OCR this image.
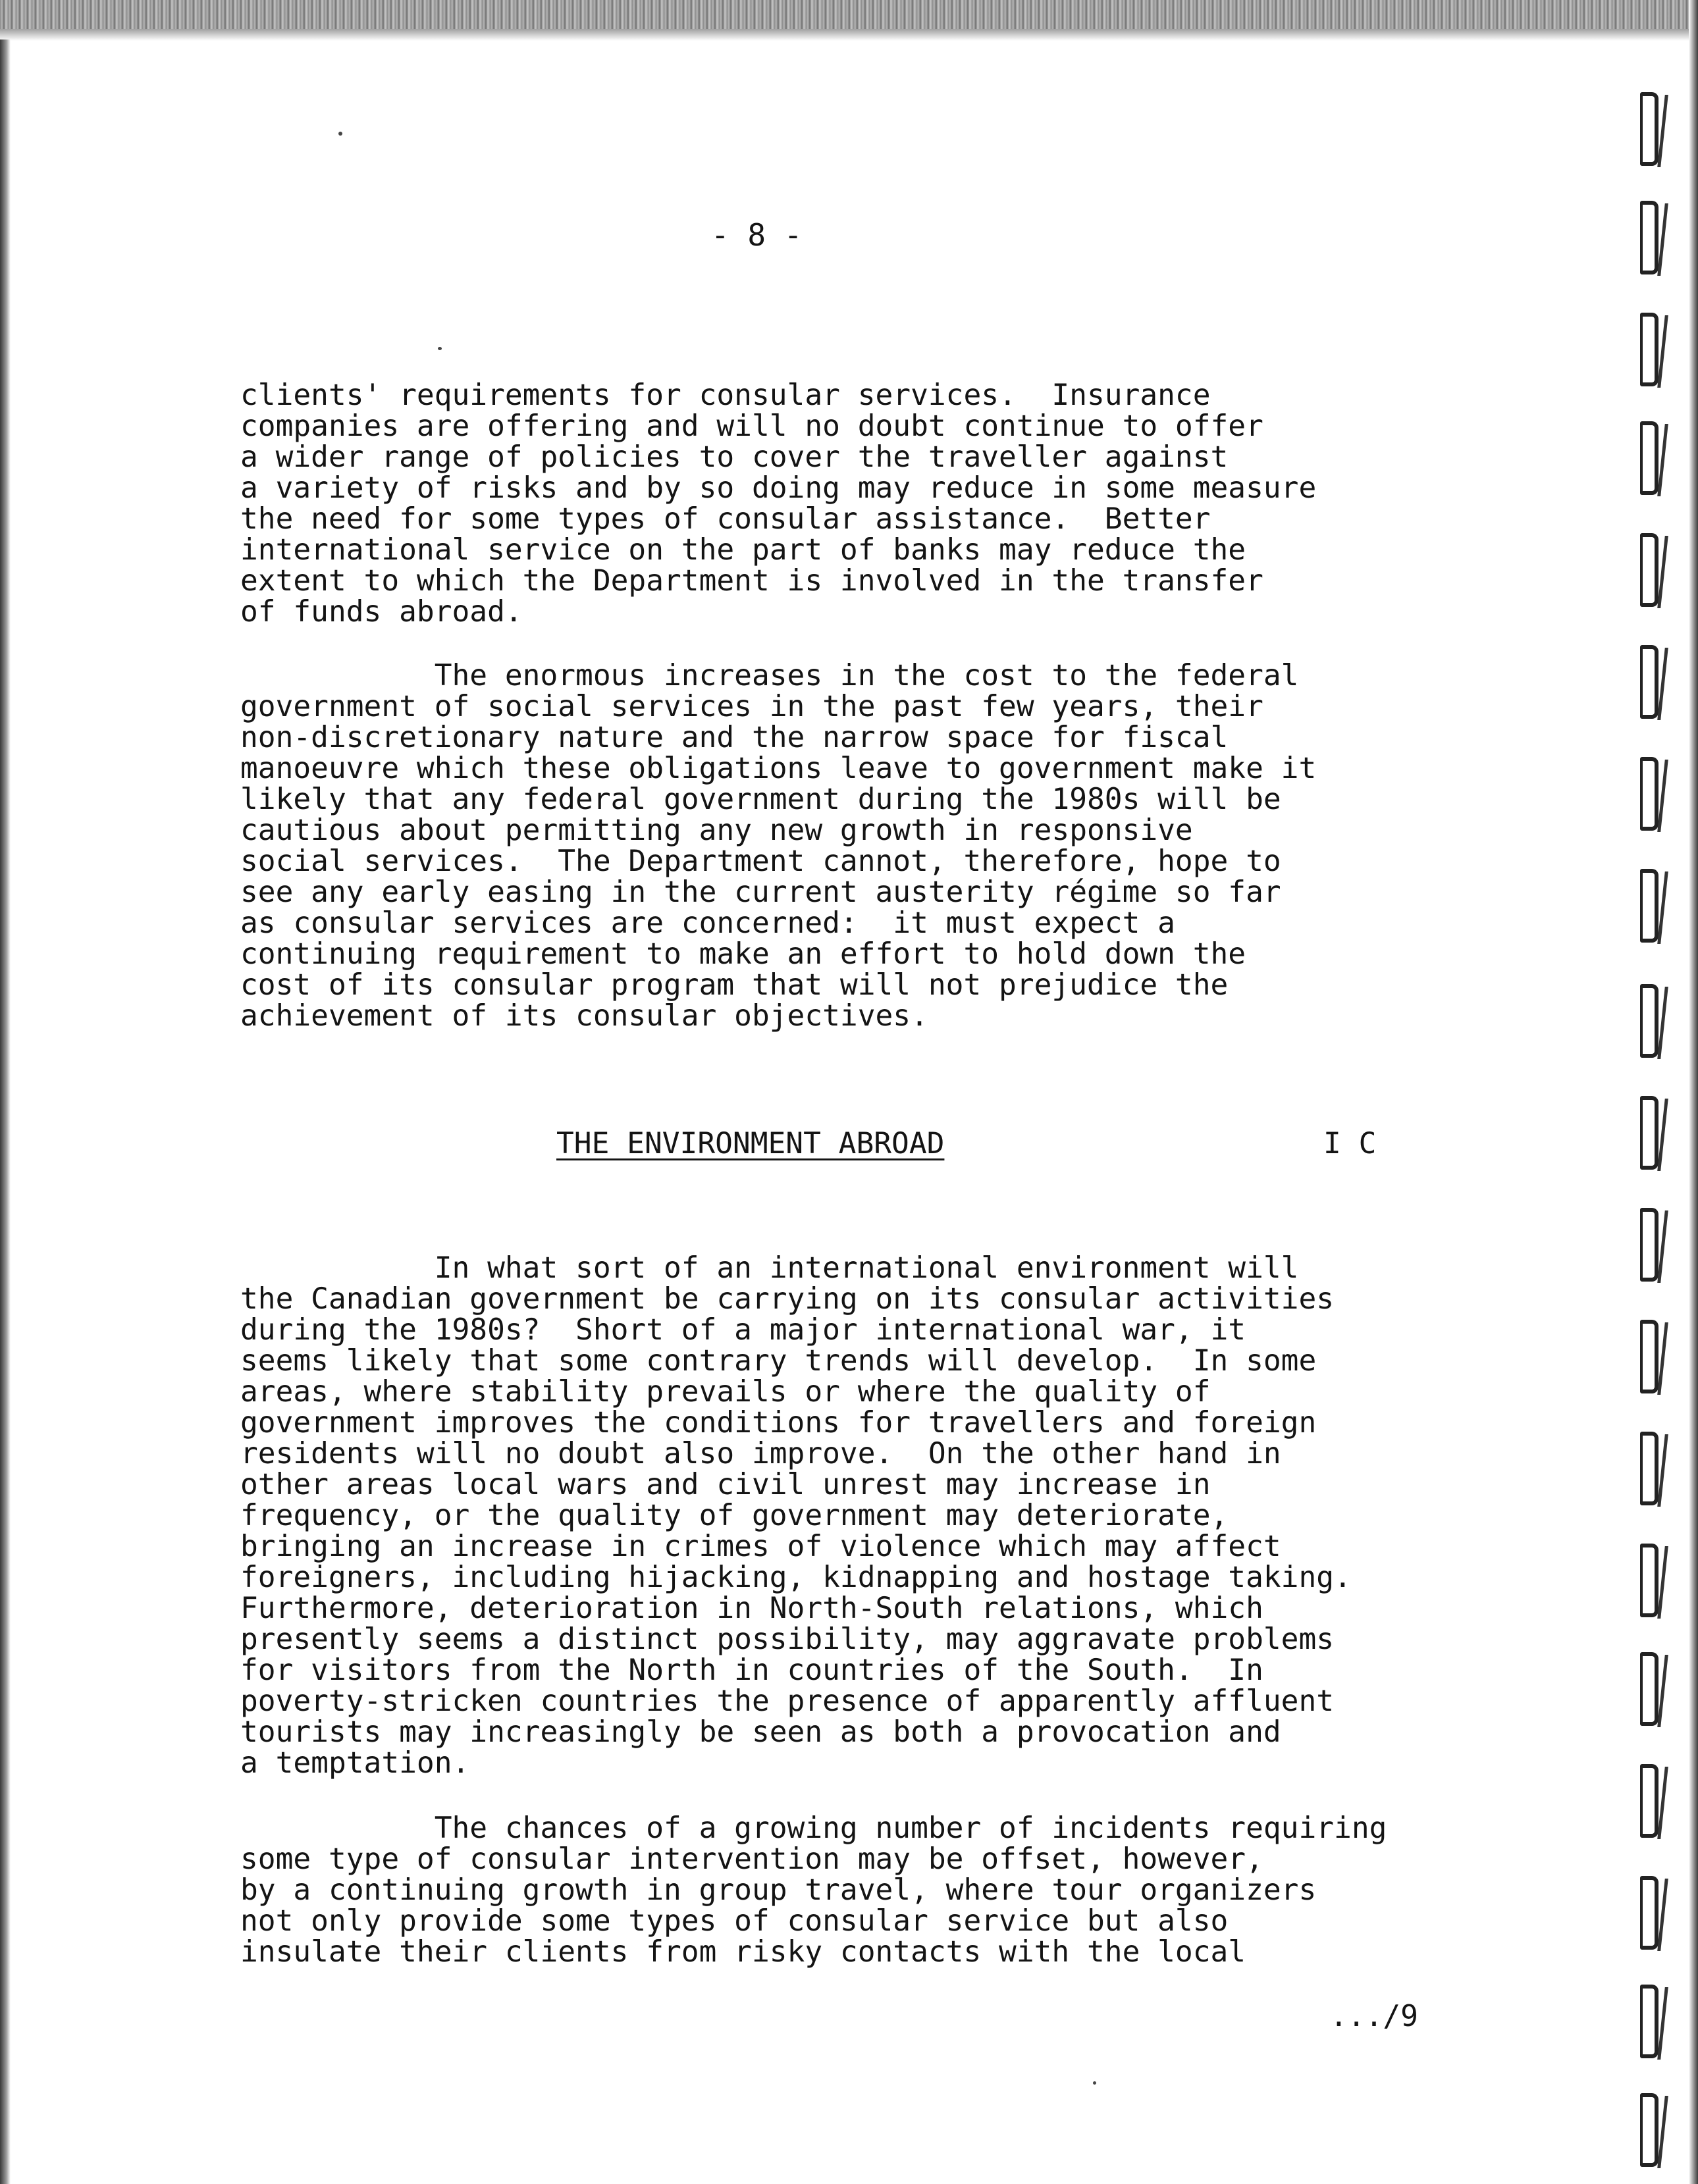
- 8 -

clients' requirements for consular services.  Insurance
companies are offering and will no doubt continue to offer
a wider range of policies to cover the traveller against
a variety of risks and by so doing may reduce in some measure
the need for some types of consular assistance.  Better
international service on the part of banks may reduce the
extent to which the Department is involved in the transfer
of funds abroad.

The enormous increases in the cost to the federal
government of social services in the past few years, their
non-discretionary nature and the narrow space for fiscal
manoeuvre which these obligations leave to government make it
likely that any federal government during the 1980s will be
cautious about permitting any new growth in responsive
social services.  The Department cannot, therefore, hope to
see any early easing in the current austerity régime so far
as consular services are concerned:  it must expect a
continuing requirement to make an effort to hold down the
cost of its consular program that will not prejudice the
achievement of its consular objectives.

THE ENVIRONMENT ABROAD	I C

In what sort of an international environment will
the Canadian government be carrying on its consular activities
during the 1980s?  Short of a major international war, it
seems likely that some contrary trends will develop.  In some
areas, where stability prevails or where the quality of
government improves the conditions for travellers and foreign
residents will no doubt also improve.  On the other hand in
other areas local wars and civil unrest may increase in
frequency, or the quality of government may deteriorate,
bringing an increase in crimes of violence which may affect
foreigners, including hijacking, kidnapping and hostage taking.
Furthermore, deterioration in North-South relations, which
presently seems a distinct possibility, may aggravate problems
for visitors from the North in countries of the South.  In
poverty-stricken countries the presence of apparently affluent
tourists may increasingly be seen as both a provocation and
a temptation.

The chances of a growing number of incidents requiring
some type of consular intervention may be offset, however,
by a continuing growth in group travel, where tour organizers
not only provide some types of consular service but also
insulate their clients from risky contacts with the local

.../9
